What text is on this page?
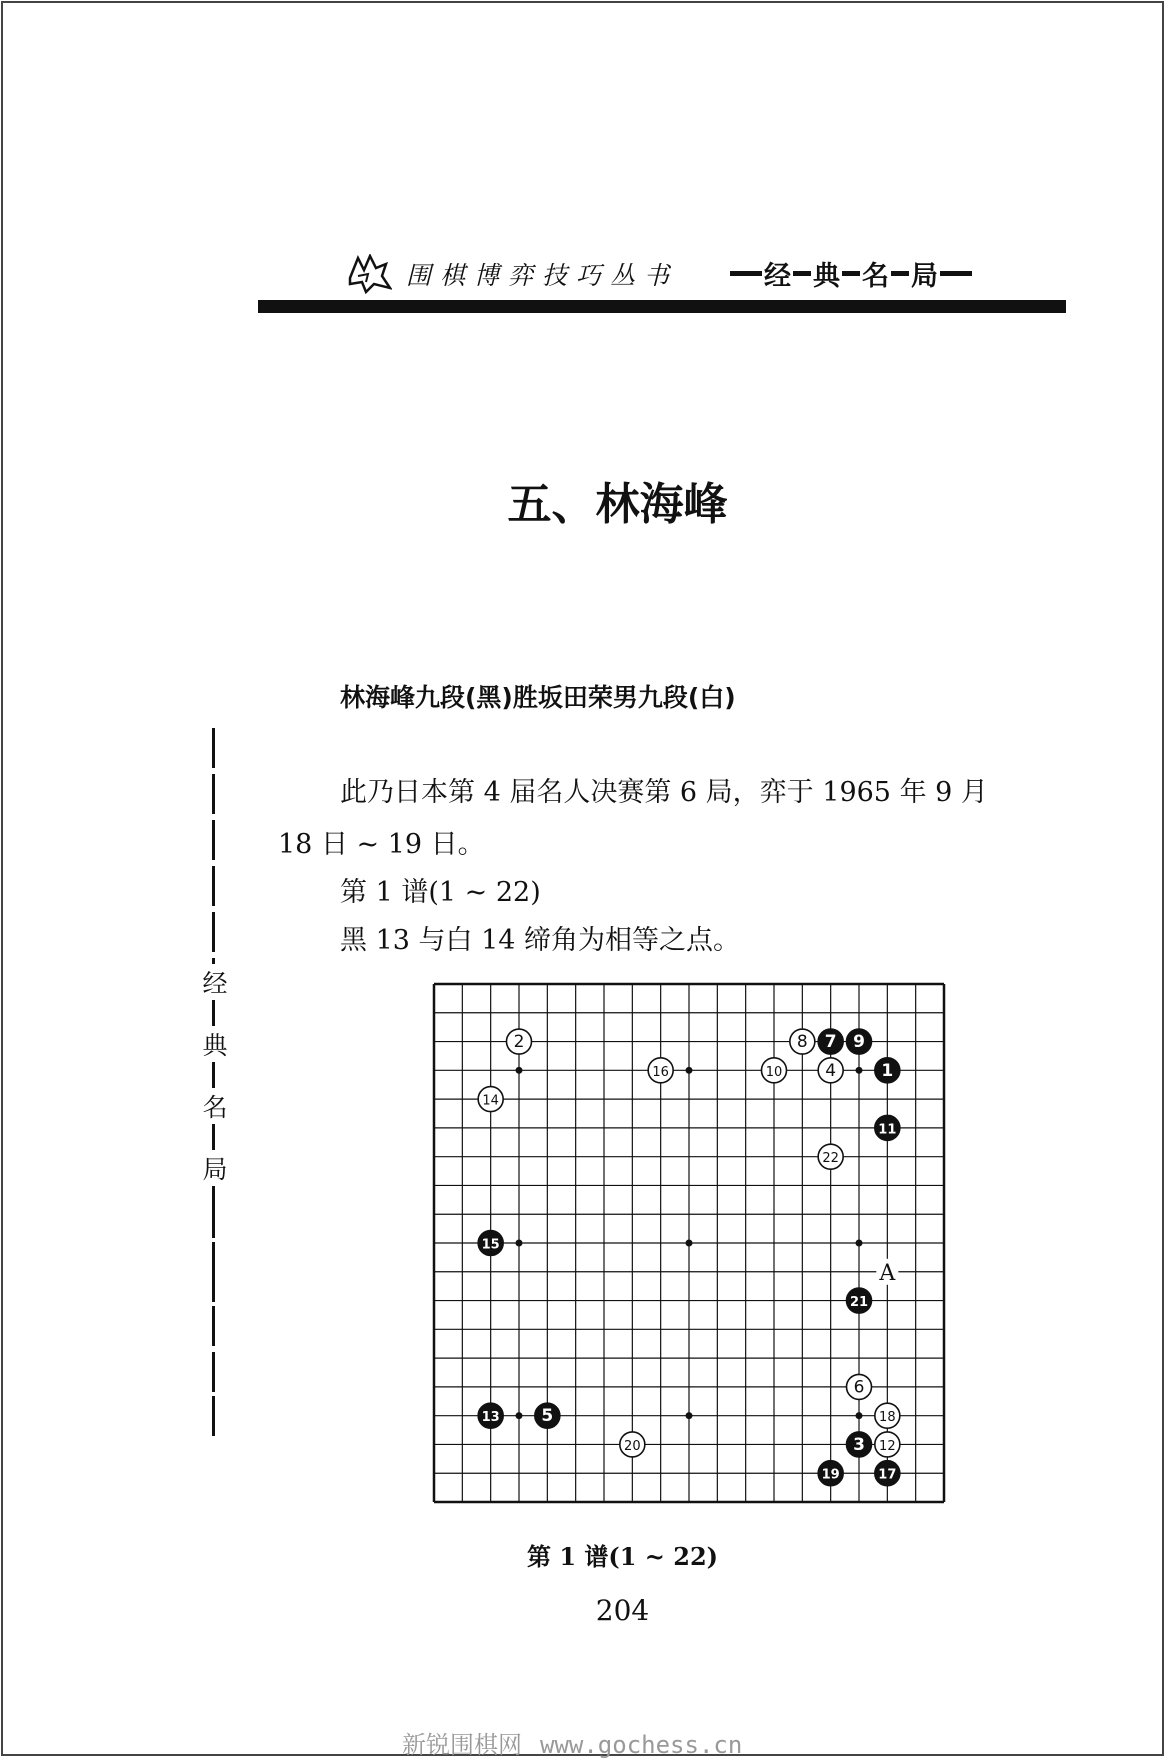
围棋博弈技巧丛书	经 典 名 局
经
典
名
局
五、林海峰
林海峰九段(黑)胜坂田荣男九段(白)
此乃日本第 4 届名人决赛第 6 局，弈于 1965 年 9 月
18 日 ~ 19 日。
第 1 谱(1 ~ 22)
黑 13 与白 14 缔角为相等之点。
2
4
6
8
10
12
14
16
18
20
22
1
3
5
7 9
11
13
15
17
19
21
A
第 1 谱(1 ~ 22)
204
新锐围棋网 www.gochess.cn
